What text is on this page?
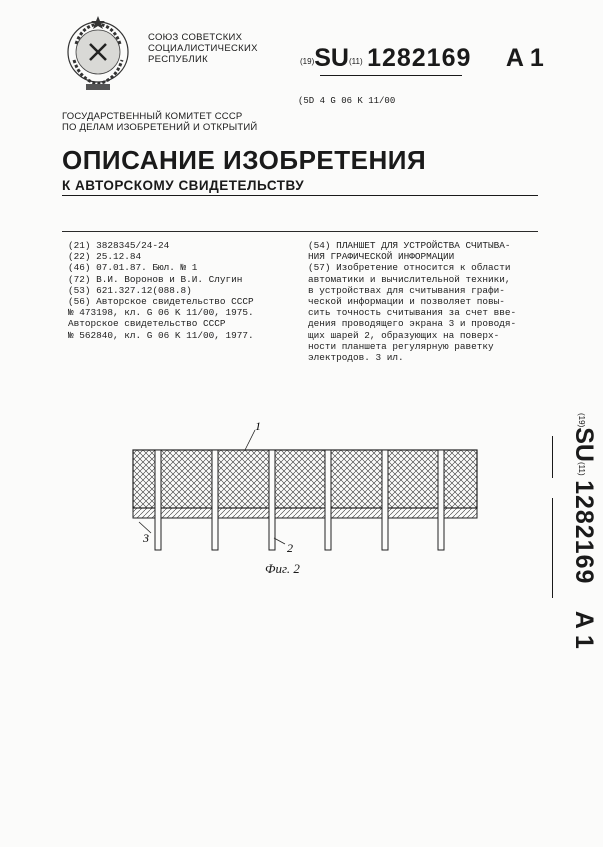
СОЮЗ СОВЕТСКИХ
СОЦИАЛИСТИЧЕСКИХ
РЕСПУБЛИК	(19)SU(11) 1282169 A 1
(5D 4 G 06 K 11/00
ГОСУДАРСТВЕННЫЙ КОМИТЕТ СССР
ПО ДЕЛАМ ИЗОБРЕТЕНИЙ И ОТКРЫТИЙ
ОПИСАНИЕ ИЗОБРЕТЕНИЯ
К АВТОРСКОМУ СВИДЕТЕЛЬСТВУ
(21) 3828345/24-24
(22) 25.12.84
(46) 07.01.87. Бюл. № 1
(72) В.И. Воронов и В.И. Слугин
(53) 621.327.12(088.8)
(56) Авторское свидетельство СССР
№ 473198, кл. G 06 K 11/00, 1975.
Авторское свидетельство СССР
№ 562840, кл. G 06 K 11/00, 1977.
(54) ПЛАНШЕТ ДЛЯ УСТРОЙСТВА СЧИТЫВА-
НИЯ ГРАФИЧЕСКОЙ ИНФОРМАЦИИ
(57) Изобретение относится к области
автоматики и вычислительной техники,
в устройствах для считывания графи-
ческой информации и позволяет повы-
сить точность считывания за счет вве-
дения проводящего экрана 3 и проводя-
щих шарей 2, образующих на поверх-
ности планшета регулярную раветку
электродов. 3 ил.
1
2
3
Фиг. 2
(19)SU(11) 1282169 A 1
